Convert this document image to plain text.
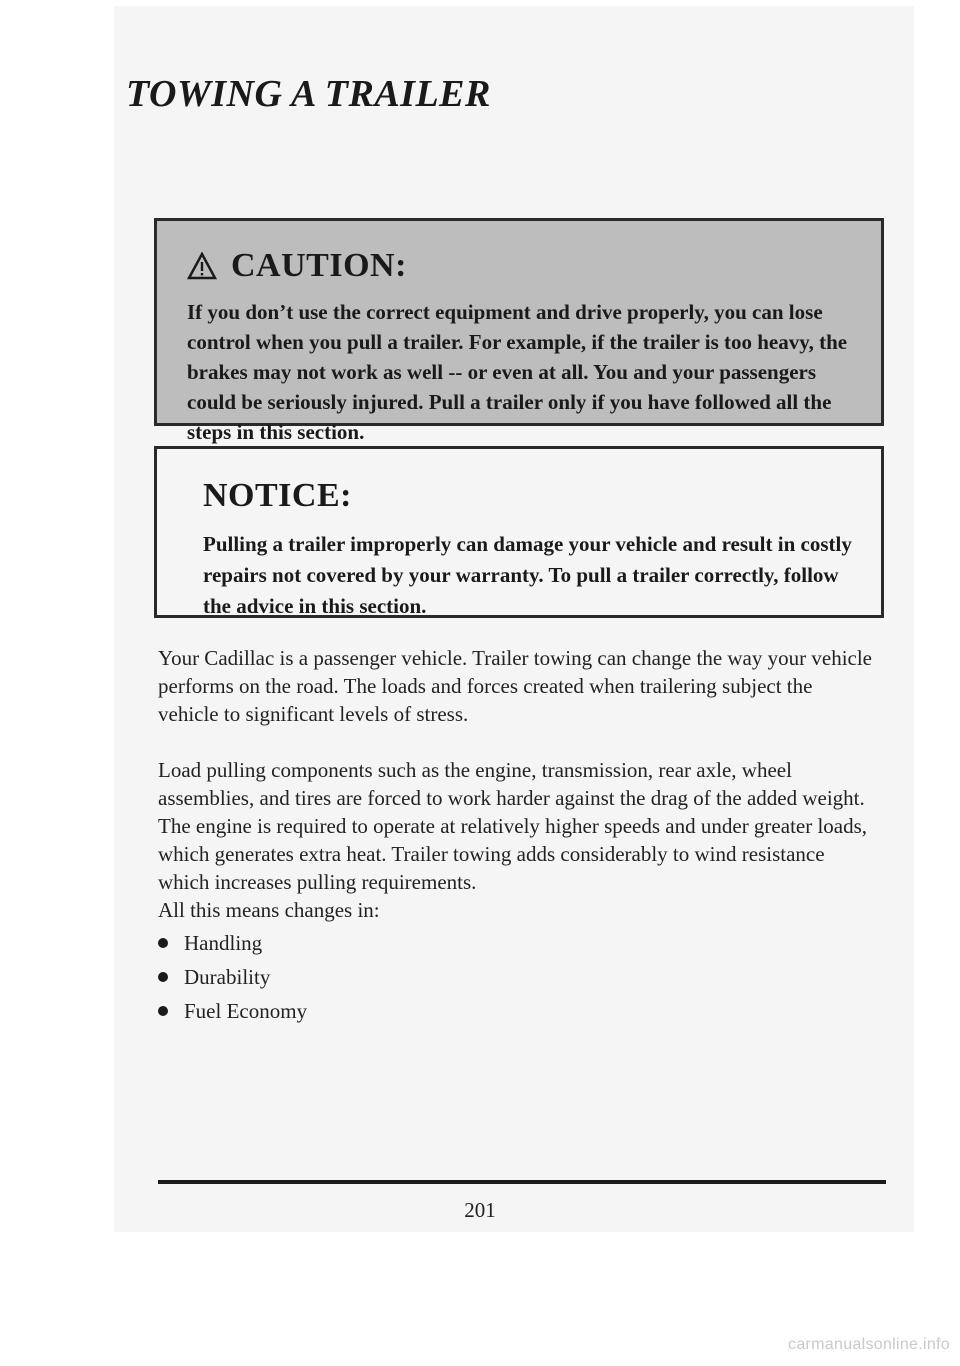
TOWING A TRAILER
CAUTION:

If you don’t use the correct equipment and drive properly, you can lose control when you pull a trailer. For example, if the trailer is too heavy, the brakes may not work as well -- or even at all. You and your passengers could be seriously injured. Pull a trailer only if you have followed all the steps in this section.

NOTICE:

Pulling a trailer improperly can damage your vehicle and result in costly repairs not covered by your warranty. To pull a trailer correctly, follow the advice in this section.

Your Cadillac is a passenger vehicle. Trailer towing can change the way your vehicle performs on the road. The loads and forces created when trailering subject the vehicle to significant levels of stress.

Load pulling components such as the engine, transmission, rear axle, wheel assemblies, and tires are forced to work harder against the drag of the added weight. The engine is required to operate at relatively higher speeds and under greater loads, which generates extra heat. Trailer towing adds considerably to wind resistance which increases pulling requirements.

All this means changes in:

Handling
Durability
Fuel Economy
201
carmanualsonline.info
